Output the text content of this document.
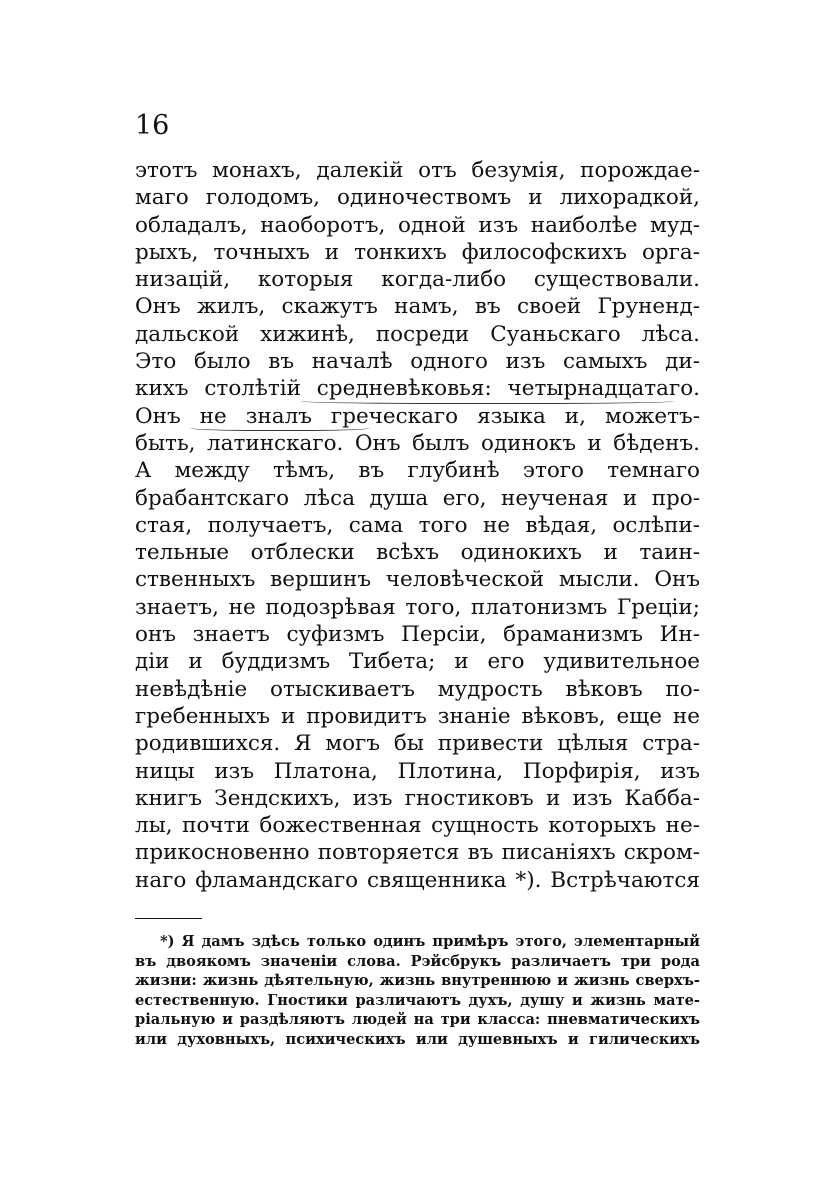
16
этотъ монахъ, далекій отъ безумія, порождае-
маго голодомъ, одиночествомъ и лихорадкой,
обладалъ, наоборотъ, одной изъ наиболѣе муд-
рыхъ, точныхъ и тонкихъ философскихъ орга-
низацій, которыя когда-либо существовали.
Онъ жилъ, скажутъ намъ, въ своей Груненд-
дальской хижинѣ, посреди Суаньскаго лѣса.
Это было въ началѣ одного изъ самыхъ ди-
кихъ столѣтій средневѣковья: четырнадцатаго.
Онъ не зналъ греческаго языка и, можетъ-
быть, латинскаго. Онъ былъ одинокъ и бѣденъ.
А между тѣмъ, въ глубинѣ этого темнаго
брабантскаго лѣса душа его, неученая и про-
стая, получаетъ, сама того не вѣдая, ослѣпи-
тельные отблески всѣхъ одинокихъ и таин-
ственныхъ вершинъ человѣческой мысли. Онъ
знаетъ, не подозрѣвая того, платонизмъ Греціи;
онъ знаетъ суфизмъ Персіи, браманизмъ Ин-
діи и буддизмъ Тибета; и его удивительное
невѣдѣніе отыскиваетъ мудрость вѣковъ по-
гребенныхъ и провидитъ знаніе вѣковъ, еще не
родившихся. Я могъ бы привести цѣлыя стра-
ницы изъ Платона, Плотина, Порфирія, изъ
книгъ Зендскихъ, изъ гностиковъ и изъ Каббa-
лы, почти божественная сущность которыхъ не-
прикосновенно повторяется въ писаніяхъ скром-
наго фламандскаго священника *). Встрѣчаются
*) Я дамъ здѣсь только одинъ примѣръ этого, элементарный
въ двоякомъ значеніи слова. Рэйсбрукъ различаетъ три рода
жизни: жизнь дѣятельную, жизнь внутреннюю и жизнь сверхъ-
естественную. Гностики различаютъ духъ, душу и жизнь мате-
ріальную и раздѣляютъ людей на три класса: пневматическихъ
или духовныхъ, психическихъ или душевныхъ и гилическихъ
